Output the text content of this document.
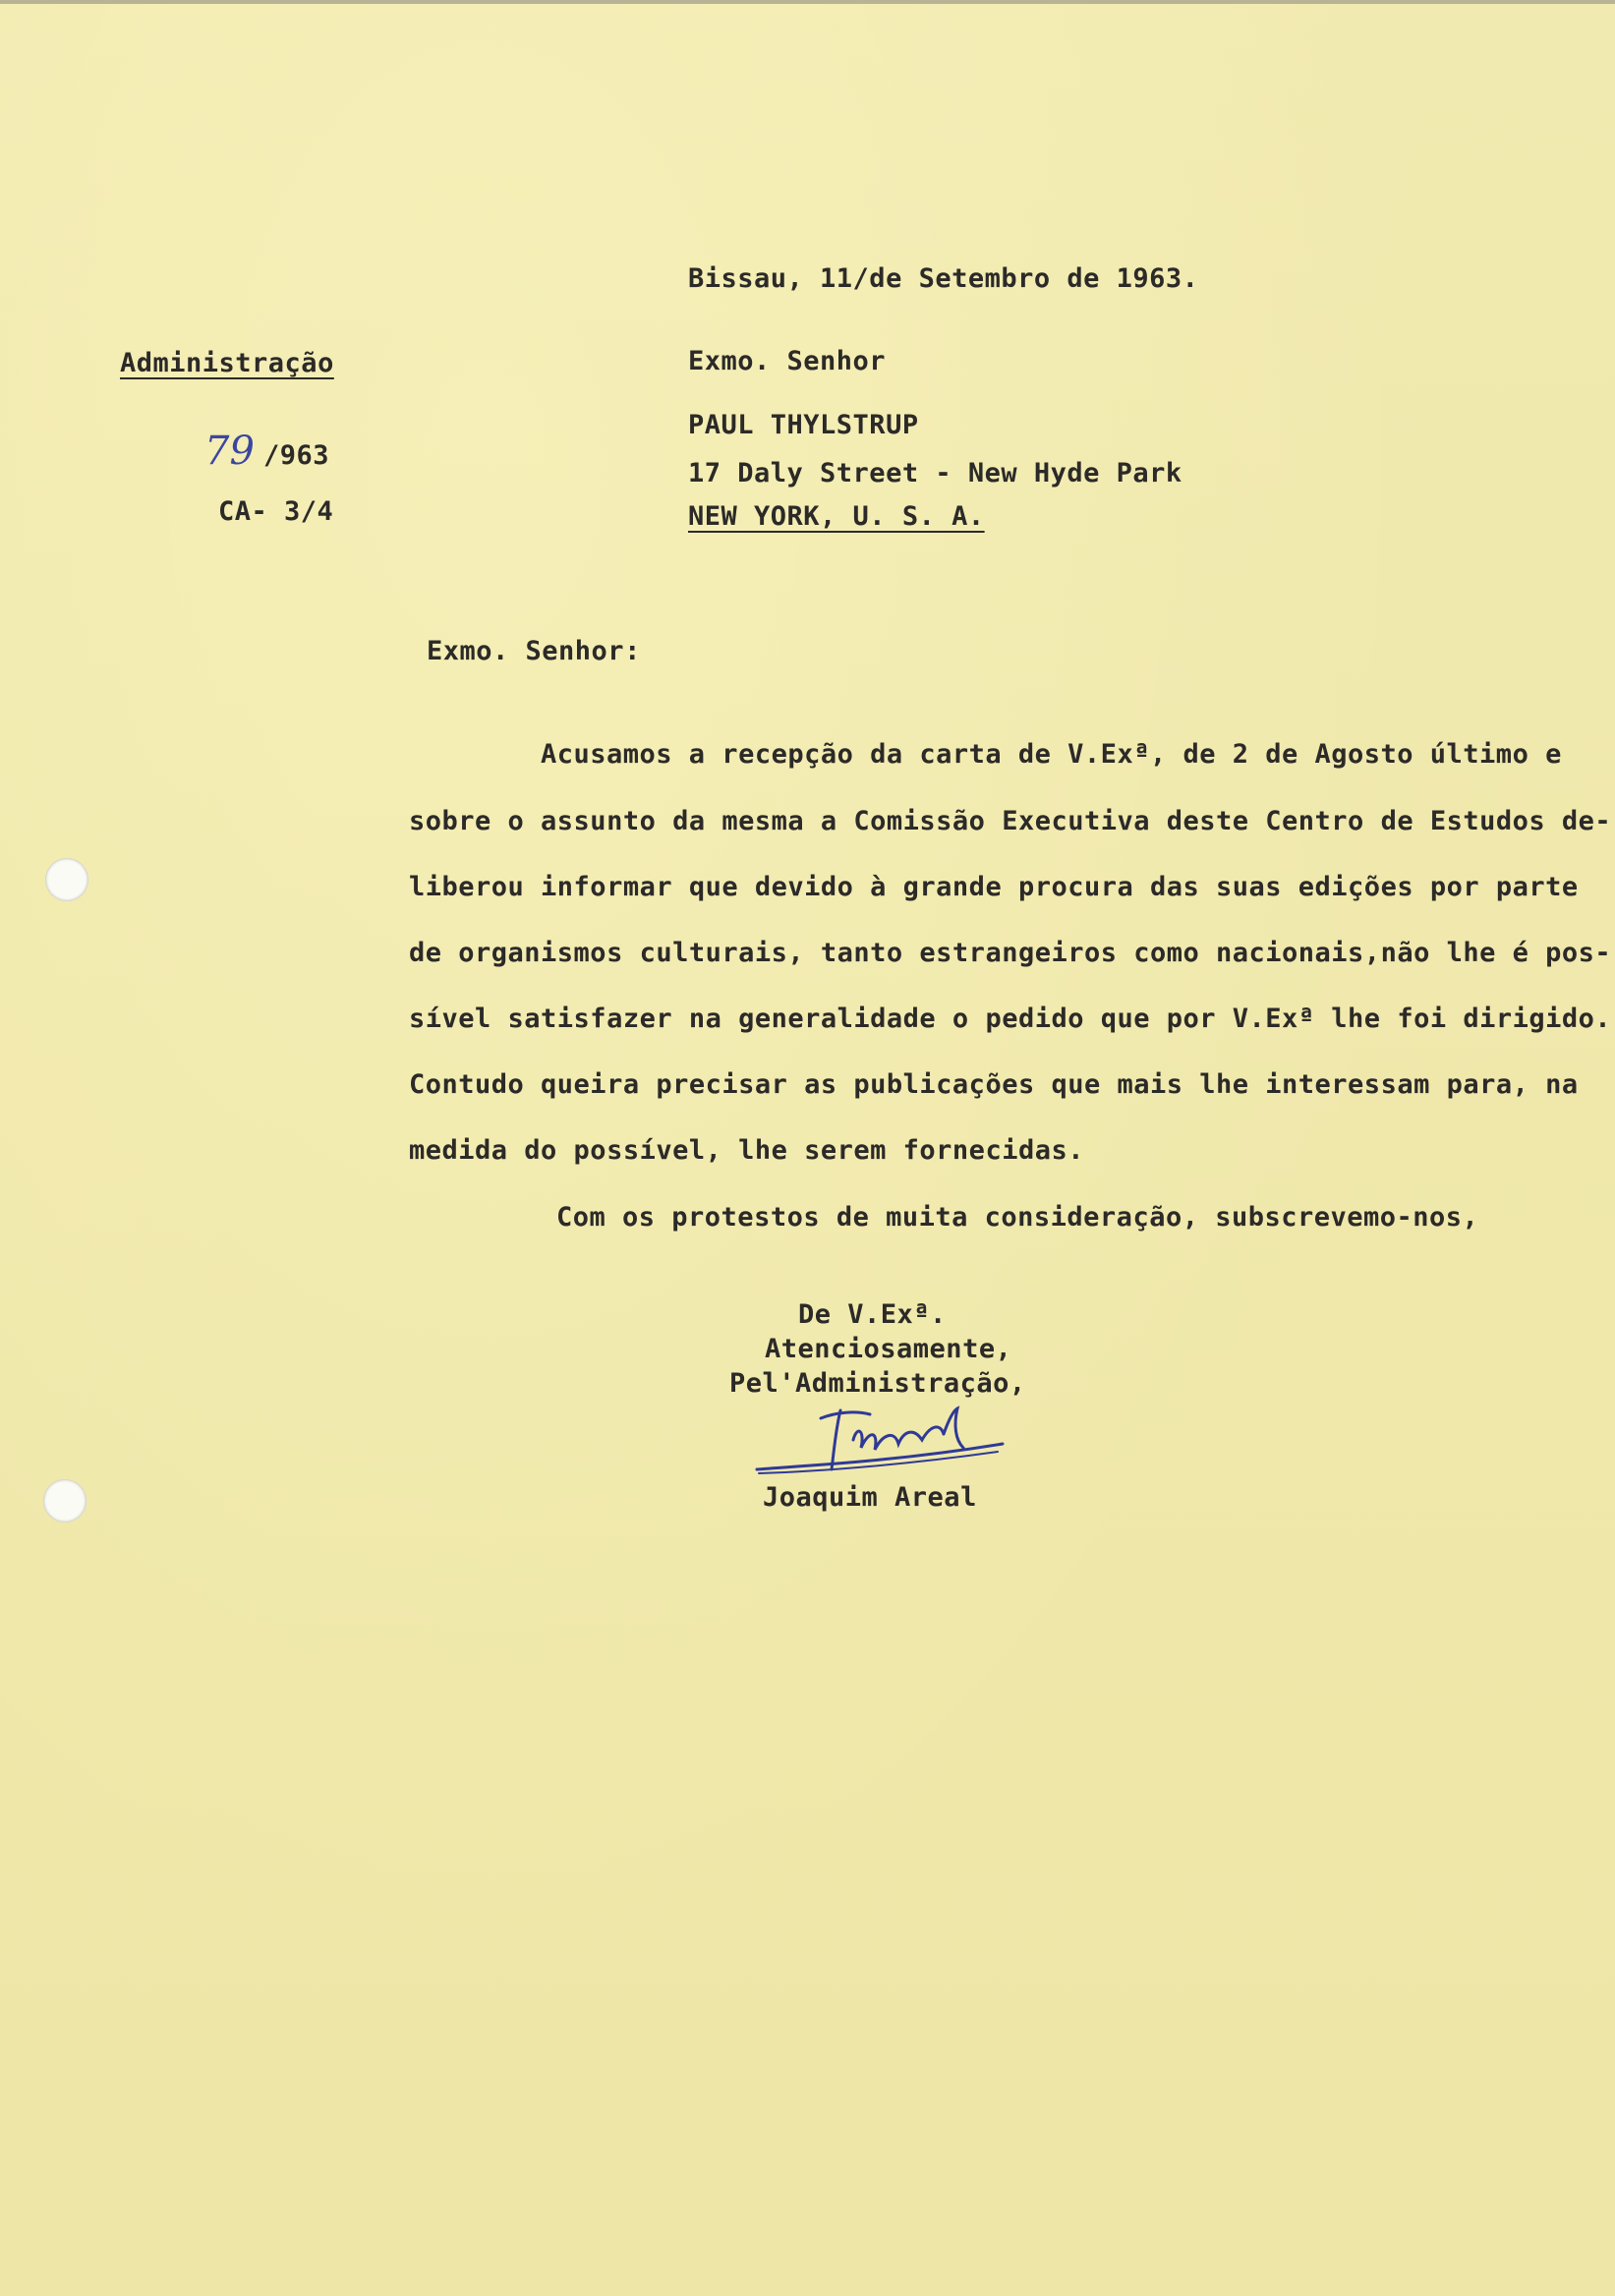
Bissau, 11/de Setembro de 1963.
Administração
79 /963
CA- 3/4
Exmo. Senhor
PAUL THYLSTRUP
17 Daly Street - New Hyde Park
NEW YORK, U. S. A.
Exmo. Senhor:
Acusamos a recepção da carta de V.Exª, de 2 de Agosto último e
sobre o assunto da mesma a Comissão Executiva deste Centro de Estudos de-
liberou informar que devido à grande procura das suas edições por parte
de organismos culturais, tanto estrangeiros como nacionais,não lhe é pos-
sível satisfazer na generalidade o pedido que por V.Exª lhe foi dirigido.
Contudo queira precisar as publicações que mais lhe interessam para, na
medida do possível, lhe serem fornecidas.
Com os protestos de muita consideração, subscrevemo-nos,
De V.Exª.
Atenciosamente,
Pel'Administração,
Joaquim Areal
